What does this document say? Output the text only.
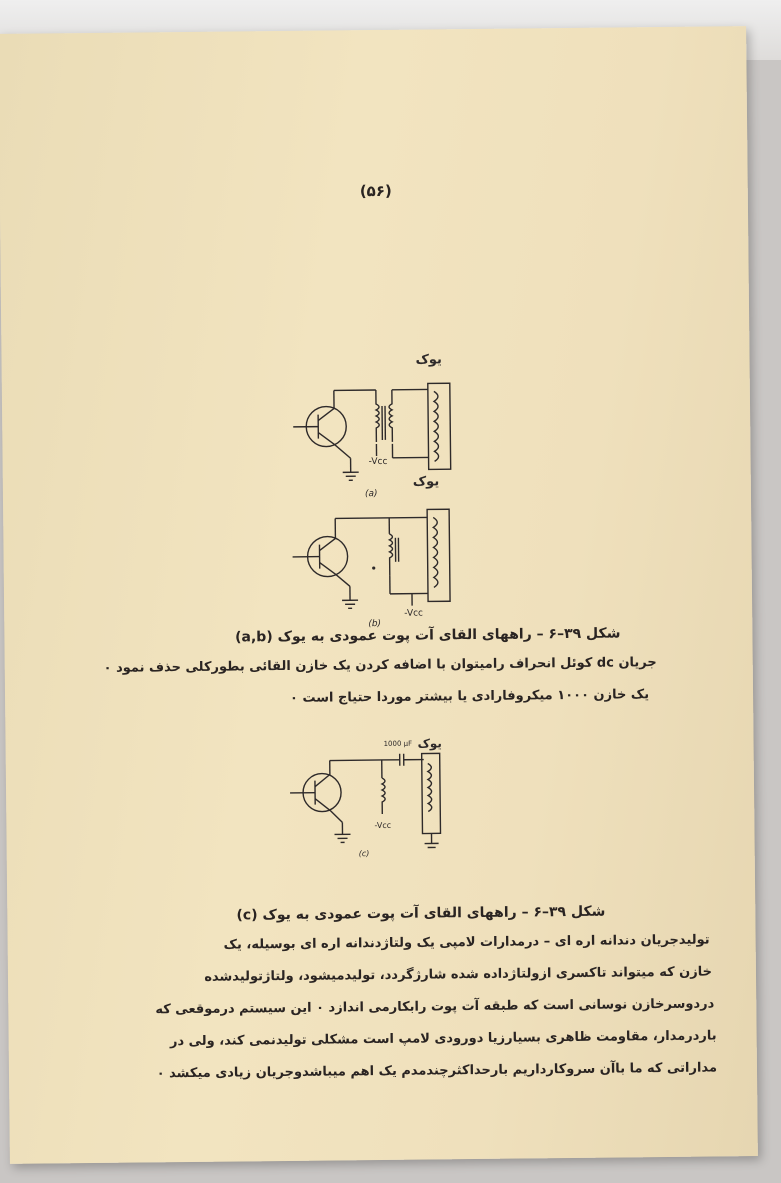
(۵۶)
یوک
-Vcc
(a)
یوک
-Vcc
(b)
شکل ۳۹–۶ – راههای القای آت پوت عمودی به یوک (a,b)
جریان dc کوئل انحراف رامیتوان با اضافه کردن یک خازن القائی بطورکلی حذف نمود ۰
یک خازن ۱۰۰۰ میکروفارادی یا بیشتر موردا حتیاج است ۰
1000 μF یوک
-Vcc
(c)
شکل ۳۹–۶ – راههای القای آت پوت عمودی به یوک (c)
تولیدجریان دندانه اره ای – درمدارات لامپی یک ولتاژدندانه اره ای بوسیله، یک
خازن که میتواند تاکسری ازولتاژداده شده شارژگردد، تولیدمیشود، ولتاژتولیدشده
دردوسرخازن نوسانی است که طبقه آت پوت رابکارمی اندازد ۰ این سیستم درموقعی که
باردرمدار، مقاومت ظاهری بسیارزیا دورودی لامپ است مشکلی تولیدنمی کند، ولی در
مداراتی که ما باآن سروکارداریم بارحداکثرچندمدم یک اهم میباشدوجریان زیادی میکشد ۰
